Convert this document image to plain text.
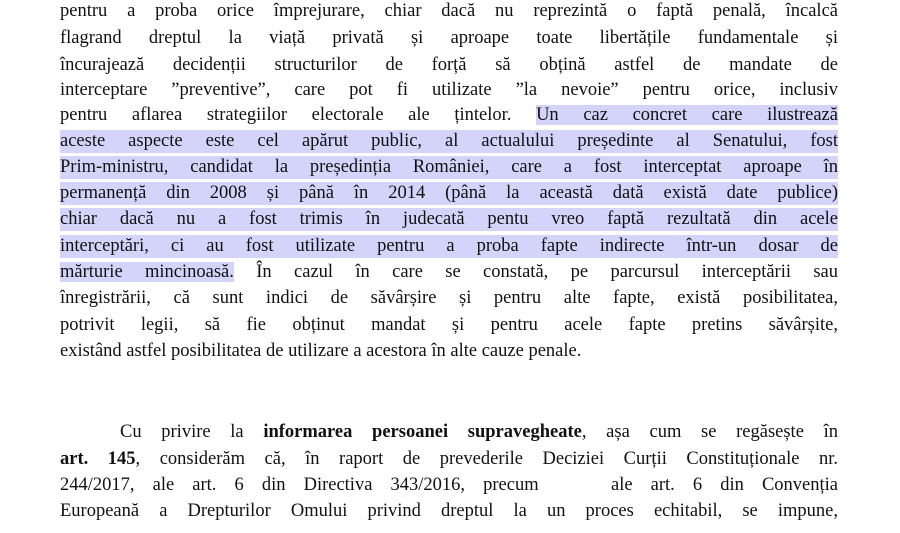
pentru a proba orice împrejurare, chiar dacă nu reprezintă o faptă penală, încalcă
flagrand dreptul la viață privată și aproape toate libertățile fundamentale și
încurajează decidenții structurilor de forță să obțină astfel de mandate de
interceptare ”preventive”, care pot fi utilizate ”la nevoie” pentru orice, inclusiv
pentru aflarea strategiilor electorale ale țintelor. Un caz concret care ilustrează
aceste aspecte este cel apărut public, al actualului președinte al Senatului, fost
Prim-ministru, candidat la președinția României, care a fost interceptat aproape în
permanență din 2008 și până în 2014 (până la această dată există date publice)
chiar dacă nu a fost trimis în judecată pentu vreo faptă rezultată din acele
interceptări, ci au fost utilizate pentru a proba fapte indirecte într-un dosar de
mărturie mincinoasă. În cazul în care se constată, pe parcursul interceptării sau
înregistrării, că sunt indici de săvârșire și pentru alte fapte, există posibilitatea,
potrivit legii, să fie obținut mandat și pentru acele fapte pretins săvârșite,
existând astfel posibilitatea de utilizare a acestora în alte cauze penale.
Cu privire la informarea persoanei supravegheate, așa cum se regăsește în
art. 145, considerăm că, în raport de prevederile Deciziei Curții Constituționale nr.
244/2017, ale art. 6 din Directiva 343/2016, precum    ale art. 6 din Convenția
Europeană a Drepturilor Omului privind dreptul la un proces echitabil, se impune,
